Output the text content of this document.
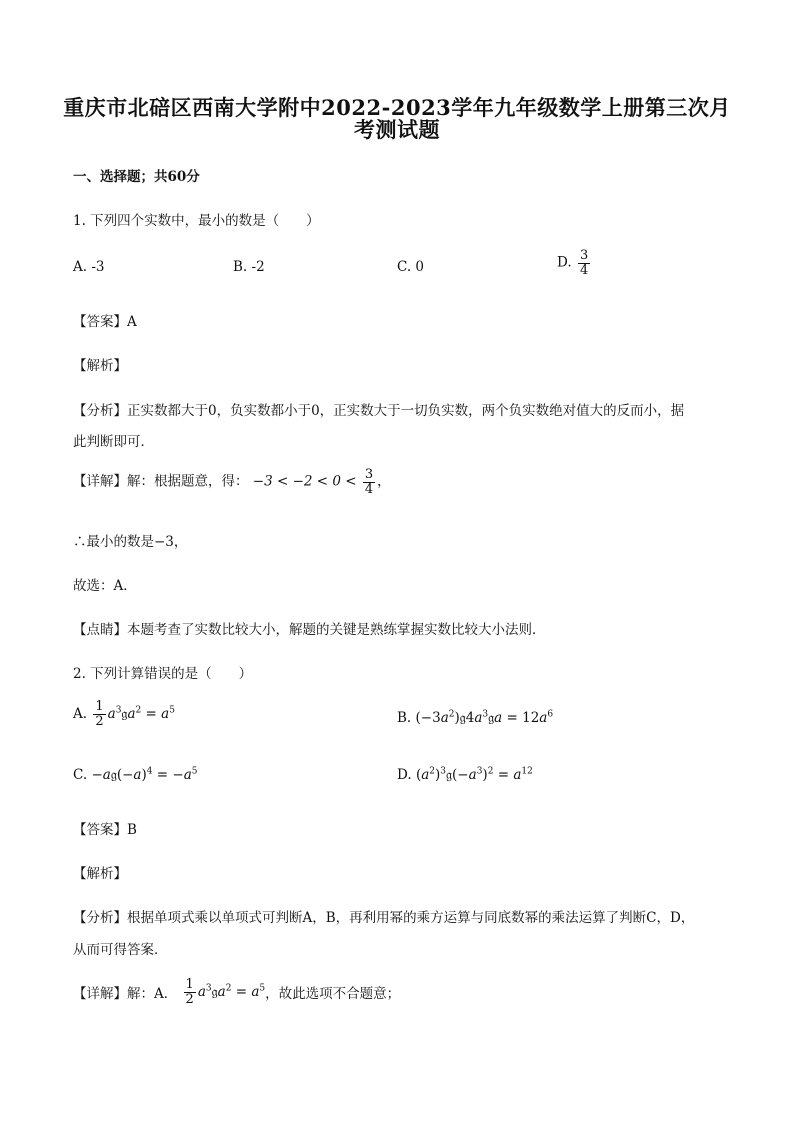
重庆市北碚区西南大学附中2022-2023学年九年级数学上册第三次月
考测试题
一、选择题；共60分
1. 下列四个实数中，最小的数是（　　）
A. -3	B. -2	C. 0	D. $\frac{3}{4}$
【答案】A
【解析】
【分析】正实数都大于0，负实数都小于0，正实数大于一切负实数，两个负实数绝对值大的反而小，据
此判断即可．
【详解】解：根据题意，得： $-3 < -2 < 0 < \frac{3}{4}$ ，
∴最小的数是−3，
故选：A．
【点睛】本题考查了实数比较大小，解题的关键是熟练掌握实数比较大小法则．
2. 下列计算错误的是（　　）
A. $\frac{1}{2}$ $a^3𝔤a^2 = a^5$	B. $(-3a^2)𝔤4a^3𝔤a = 12a^6$
C. $-a𝔤(-a)^4 = -a^5$	D. $(a^2)^3𝔤(-a^3)^2 = a^{12}$
【答案】B
【解析】
【分析】根据单项式乘以单项式可判断A，B，再利用幂的乘方运算与同底数幂的乘法运算了判断C，D，
从而可得答案．
【详解】解：A． $\frac{1}{2}$ $a^3𝔤a^2 = a^5$，故此选项不合题意；
